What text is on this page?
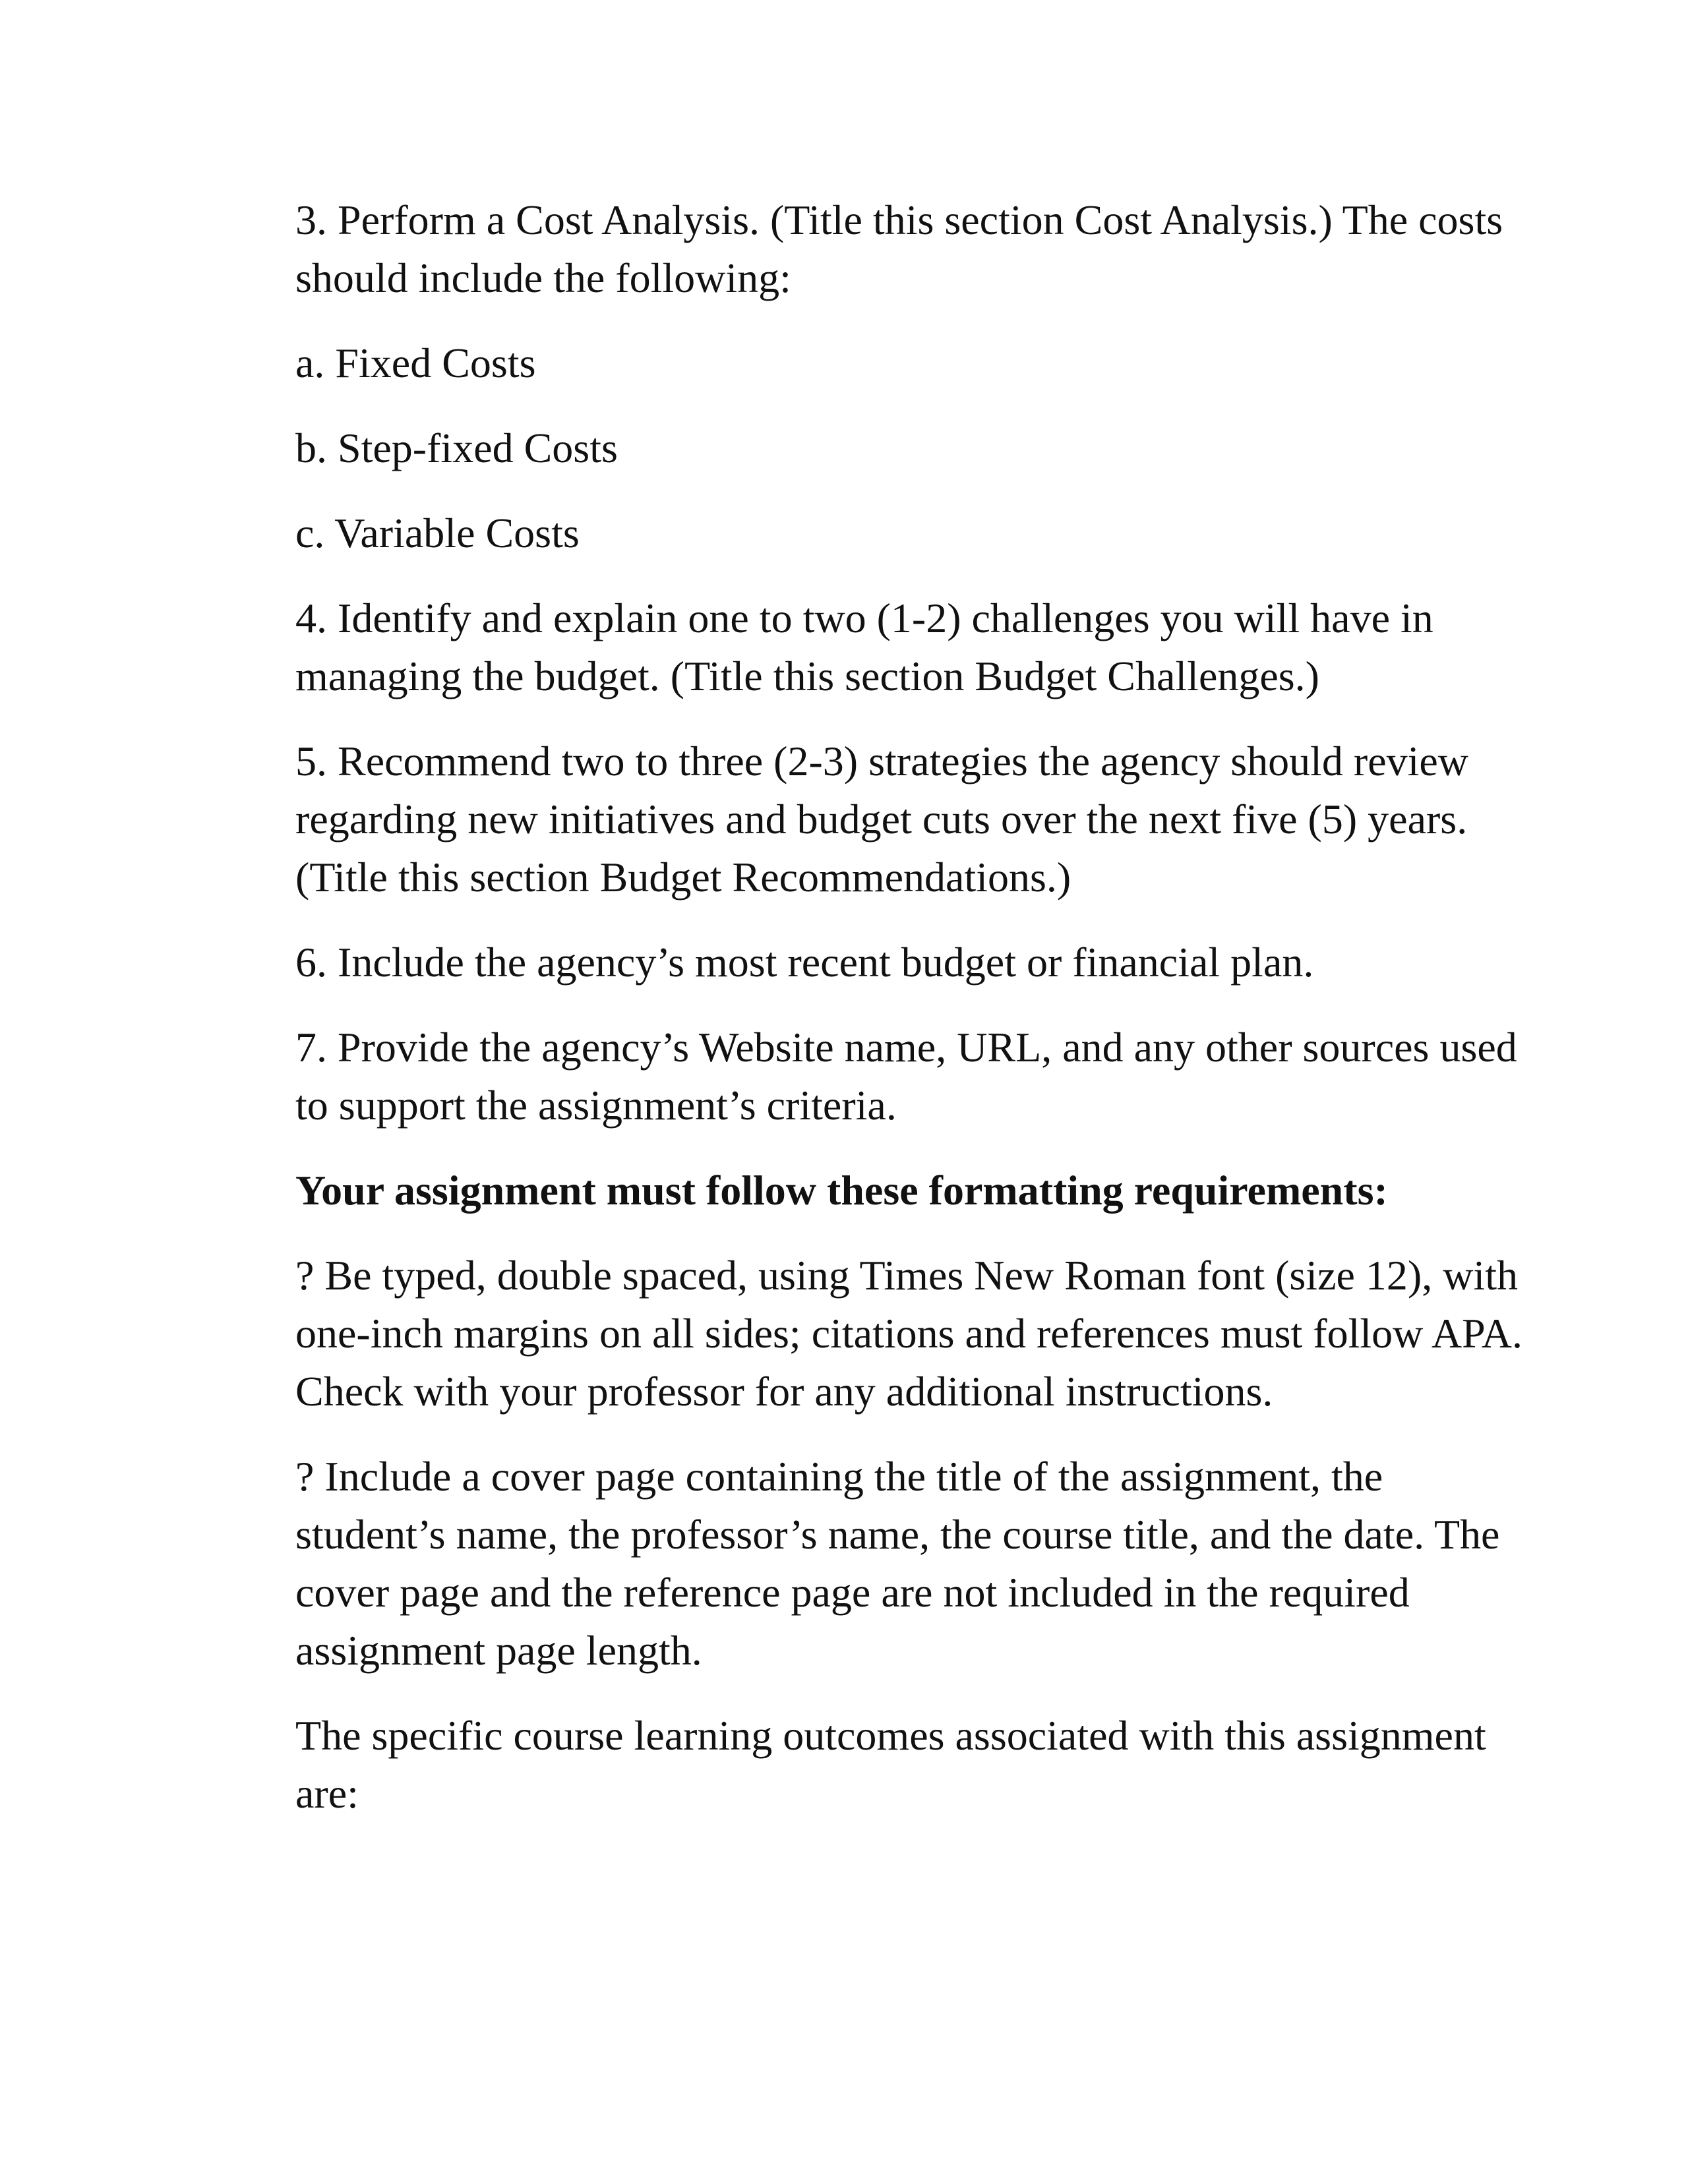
3. Perform a Cost Analysis. (Title this section Cost Analysis.) The costs should include the following:

a. Fixed Costs

b. Step-fixed Costs

c. Variable Costs

4. Identify and explain one to two (1-2) challenges you will have in managing the budget. (Title this section Budget Challenges.)

5. Recommend two to three (2-3) strategies the agency should review regarding new initiatives and budget cuts over the next five (5) years. (Title this section Budget Recommendations.)

6. Include the agency’s most recent budget or financial plan.

7. Provide the agency’s Website name, URL, and any other sources used to support the assignment’s criteria.

Your assignment must follow these formatting requirements:

? Be typed, double spaced, using Times New Roman font (size 12), with one-inch margins on all sides; citations and references must follow APA. Check with your professor for any additional instructions.

? Include a cover page containing the title of the assignment, the student’s name, the professor’s name, the course title, and the date. The cover page and the reference page are not included in the required assignment page length.

The specific course learning outcomes associated with this assignment are:
